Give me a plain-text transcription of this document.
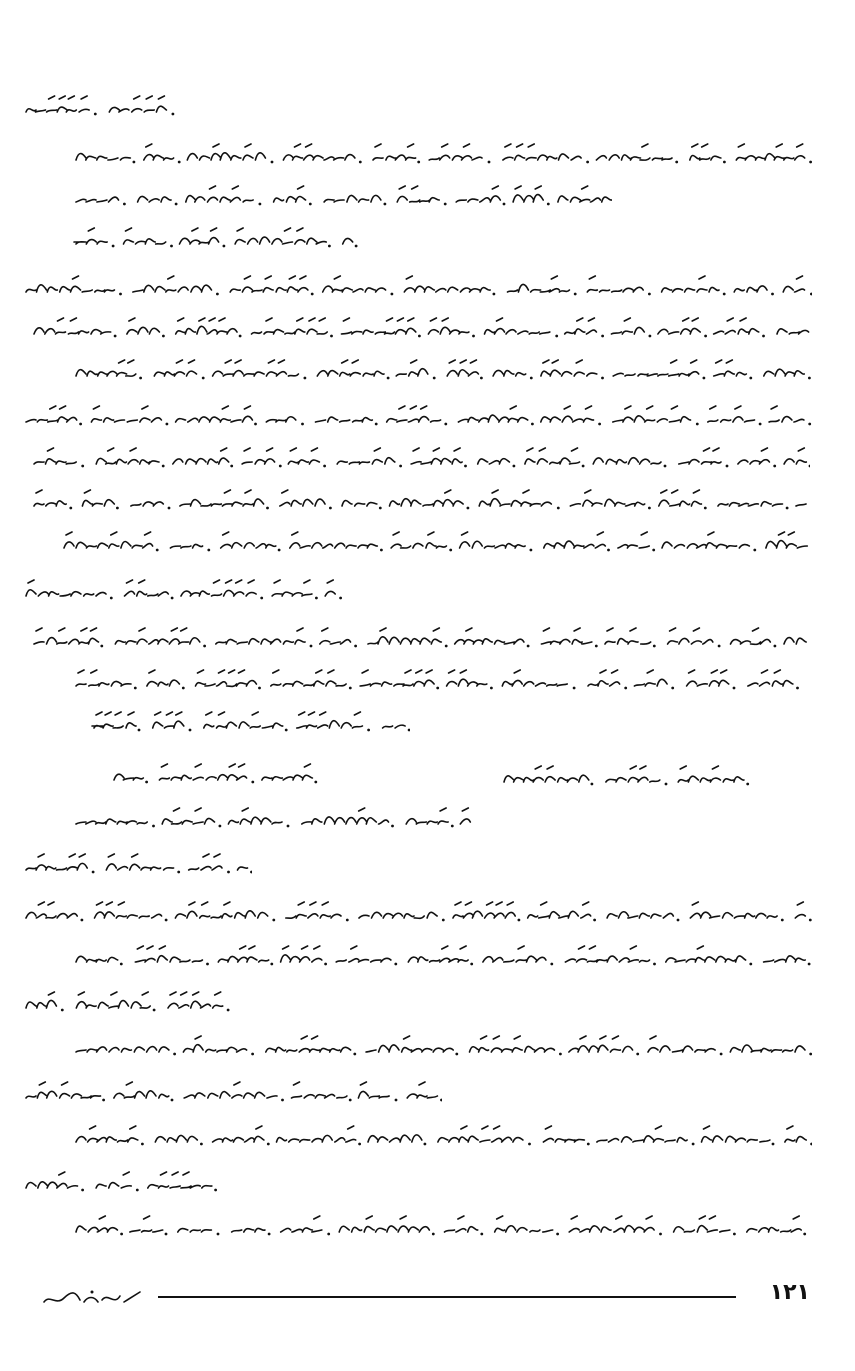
١٢١
